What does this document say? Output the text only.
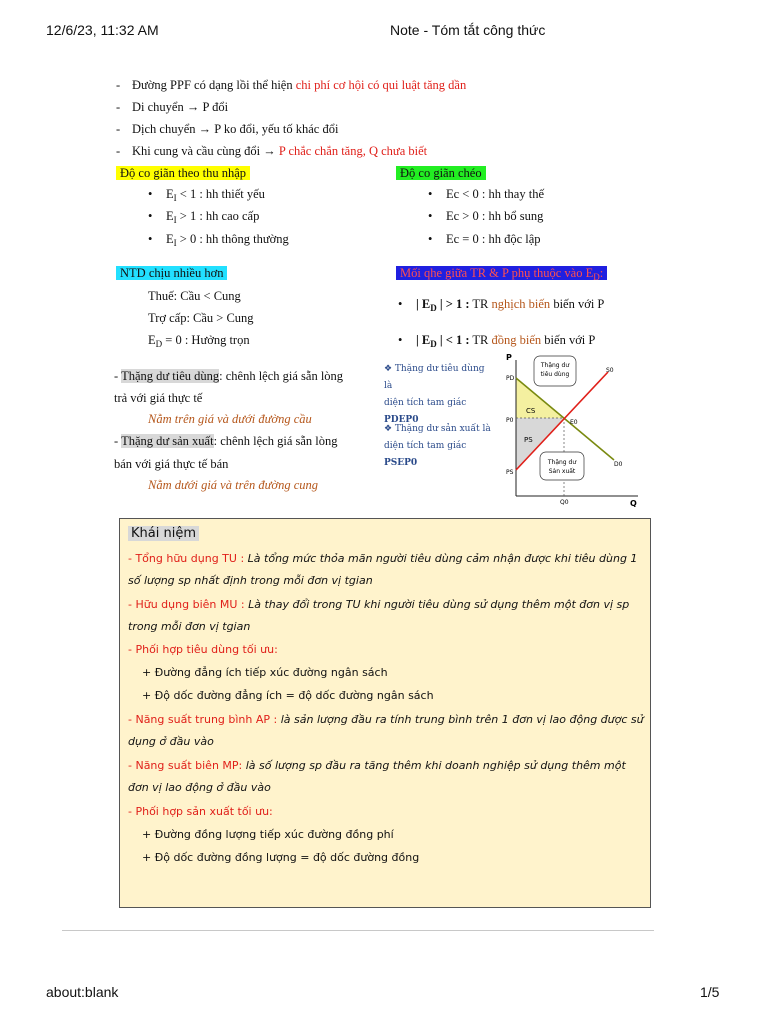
12/6/23, 11:32 AM	Note - Tóm tắt công thức
- Đường PPF có dạng lồi thể hiện chi phí cơ hội có qui luật tăng dần
- Di chuyển → P đổi
- Dịch chuyển → P ko đổi, yếu tố khác đổi
- Khi cung và cầu cùng đổi → P chắc chắn tăng, Q chưa biết
Độ co giãn theo thu nhập
• $E_I < 1$ : hh thiết yếu
• $E_I > 1$ : hh cao cấp
• $E_I > 0$ : hh thông thường
Độ co giãn chéo
• Ec < 0 : hh thay thế
• Ec > 0 : hh bổ sung
• Ec = 0 : hh độc lập
NTD chịu nhiều hơn
Thuế: Cầu < Cung
Trợ cấp: Cầu > Cung
$E_D = 0$ : Hưởng trọn
Mối qhe giữa TR & P phụ thuộc vào $E_D$:
• | $E_D$ | > 1 : TR nghịch biến biến với P
• | $E_D$ | < 1 : TR đồng biến biến với P
- Thặng dư tiêu dùng: chênh lệch giá sẵn lòng
trả với giá thực tế
Nằm trên giá và dưới đường cầu
- Thặng dư sản xuất: chênh lệch giá sẵn lòng
bán với giá thực tế bán
Nằm dưới giá và trên đường cung
❖ Thặng dư tiêu dùng là
diện tích tam giác
PDEP0
❖ Thặng dư sản xuất là
diện tích tam giác
PSEP0
P
PD
P0
PS
E0
Q0	Q
S0
D0
CS
PS
Thặng dư
tiêu dùng
Thặng dư
Sản xuất
Khái niệm
- Tổng hữu dụng TU : Là tổng mức thỏa mãn người tiêu dùng cảm nhận được khi tiêu dùng 1
số lượng sp nhất định trong mỗi đơn vị tgian
- Hữu dụng biên MU : Là thay đổi trong TU khi người tiêu dùng sử dụng thêm một đơn vị sp
trong mỗi đơn vị tgian
- Phối hợp tiêu dùng tối ưu:
+ Đường đẳng ích tiếp xúc đường ngân sách
+ Độ dốc đường đẳng ích = độ dốc đường ngân sách
- Năng suất trung bình AP : là sản lượng đầu ra tính trung bình trên 1 đơn vị lao động được sử
dụng ở đầu vào
- Năng suất biên MP: là số lượng sp đầu ra tăng thêm khi doanh nghiệp sử dụng thêm một
đơn vị lao động ở đầu vào
- Phối hợp sản xuất tối ưu:
+ Đường đồng lượng tiếp xúc đường đồng phí
+ Độ dốc đường đồng lượng = độ dốc đường đồng
about:blank	1/5
